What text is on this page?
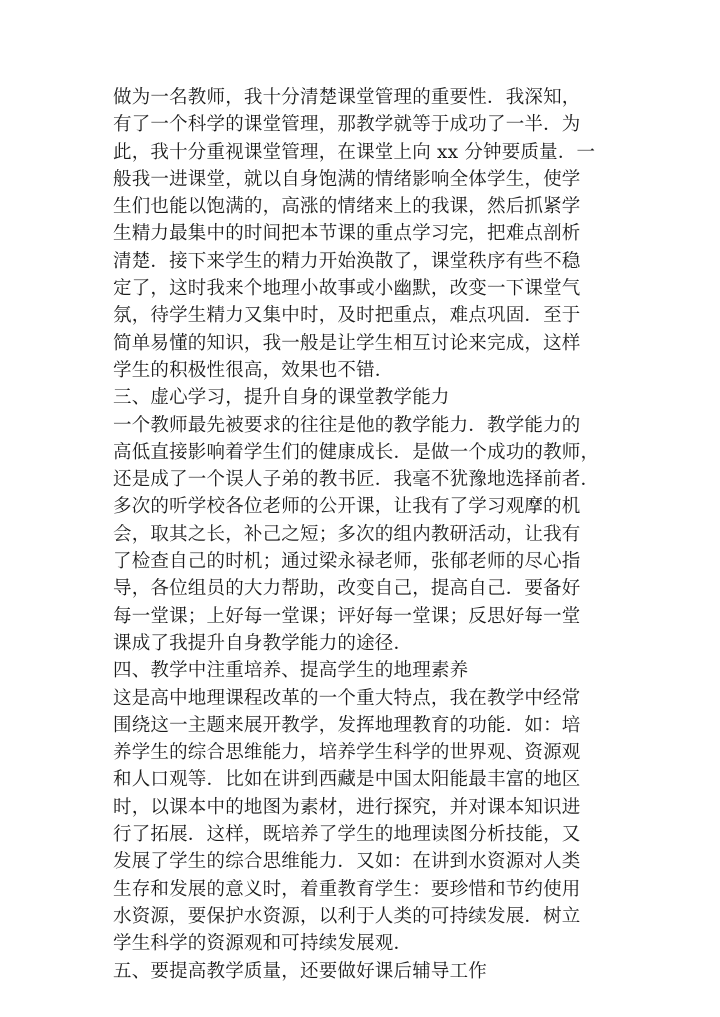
做为一名教师，我十分清楚课堂管理的重要性．我深知，
有了一个科学的课堂管理，那教学就等于成功了一半．为
此，我十分重视课堂管理，在课堂上向 xx 分钟要质量．一
般我一进课堂，就以自身饱满的情绪影响全体学生，使学
生们也能以饱满的，高涨的情绪来上的我课，然后抓紧学
生精力最集中的时间把本节课的重点学习完，把难点剖析
清楚．接下来学生的精力开始涣散了，课堂秩序有些不稳
定了，这时我来个地理小故事或小幽默，改变一下课堂气
氛，待学生精力又集中时，及时把重点，难点巩固．至于
简单易懂的知识，我一般是让学生相互讨论来完成，这样
学生的积极性很高，效果也不错．
三、虚心学习，提升自身的课堂教学能力
一个教师最先被要求的往往是他的教学能力．教学能力的
高低直接影响着学生们的健康成长．是做一个成功的教师，
还是成了一个误人子弟的教书匠．我毫不犹豫地选择前者．
多次的听学校各位老师的公开课，让我有了学习观摩的机
会，取其之长，补己之短；多次的组内教研活动，让我有
了检查自己的时机；通过梁永禄老师，张郁老师的尽心指
导，各位组员的大力帮助，改变自己，提高自己．要备好
每一堂课；上好每一堂课；评好每一堂课；反思好每一堂
课成了我提升自身教学能力的途径．
四、教学中注重培养、提高学生的地理素养
这是高中地理课程改革的一个重大特点，我在教学中经常
围绕这一主题来展开教学，发挥地理教育的功能．如：培
养学生的综合思维能力，培养学生科学的世界观、资源观
和人口观等．比如在讲到西藏是中国太阳能最丰富的地区
时，以课本中的地图为素材，进行探究，并对课本知识进
行了拓展．这样，既培养了学生的地理读图分析技能，又
发展了学生的综合思维能力．又如：在讲到水资源对人类
生存和发展的意义时，着重教育学生：要珍惜和节约使用
水资源，要保护水资源，以利于人类的可持续发展．树立
学生科学的资源观和可持续发展观．
五、要提高教学质量，还要做好课后辅导工作
